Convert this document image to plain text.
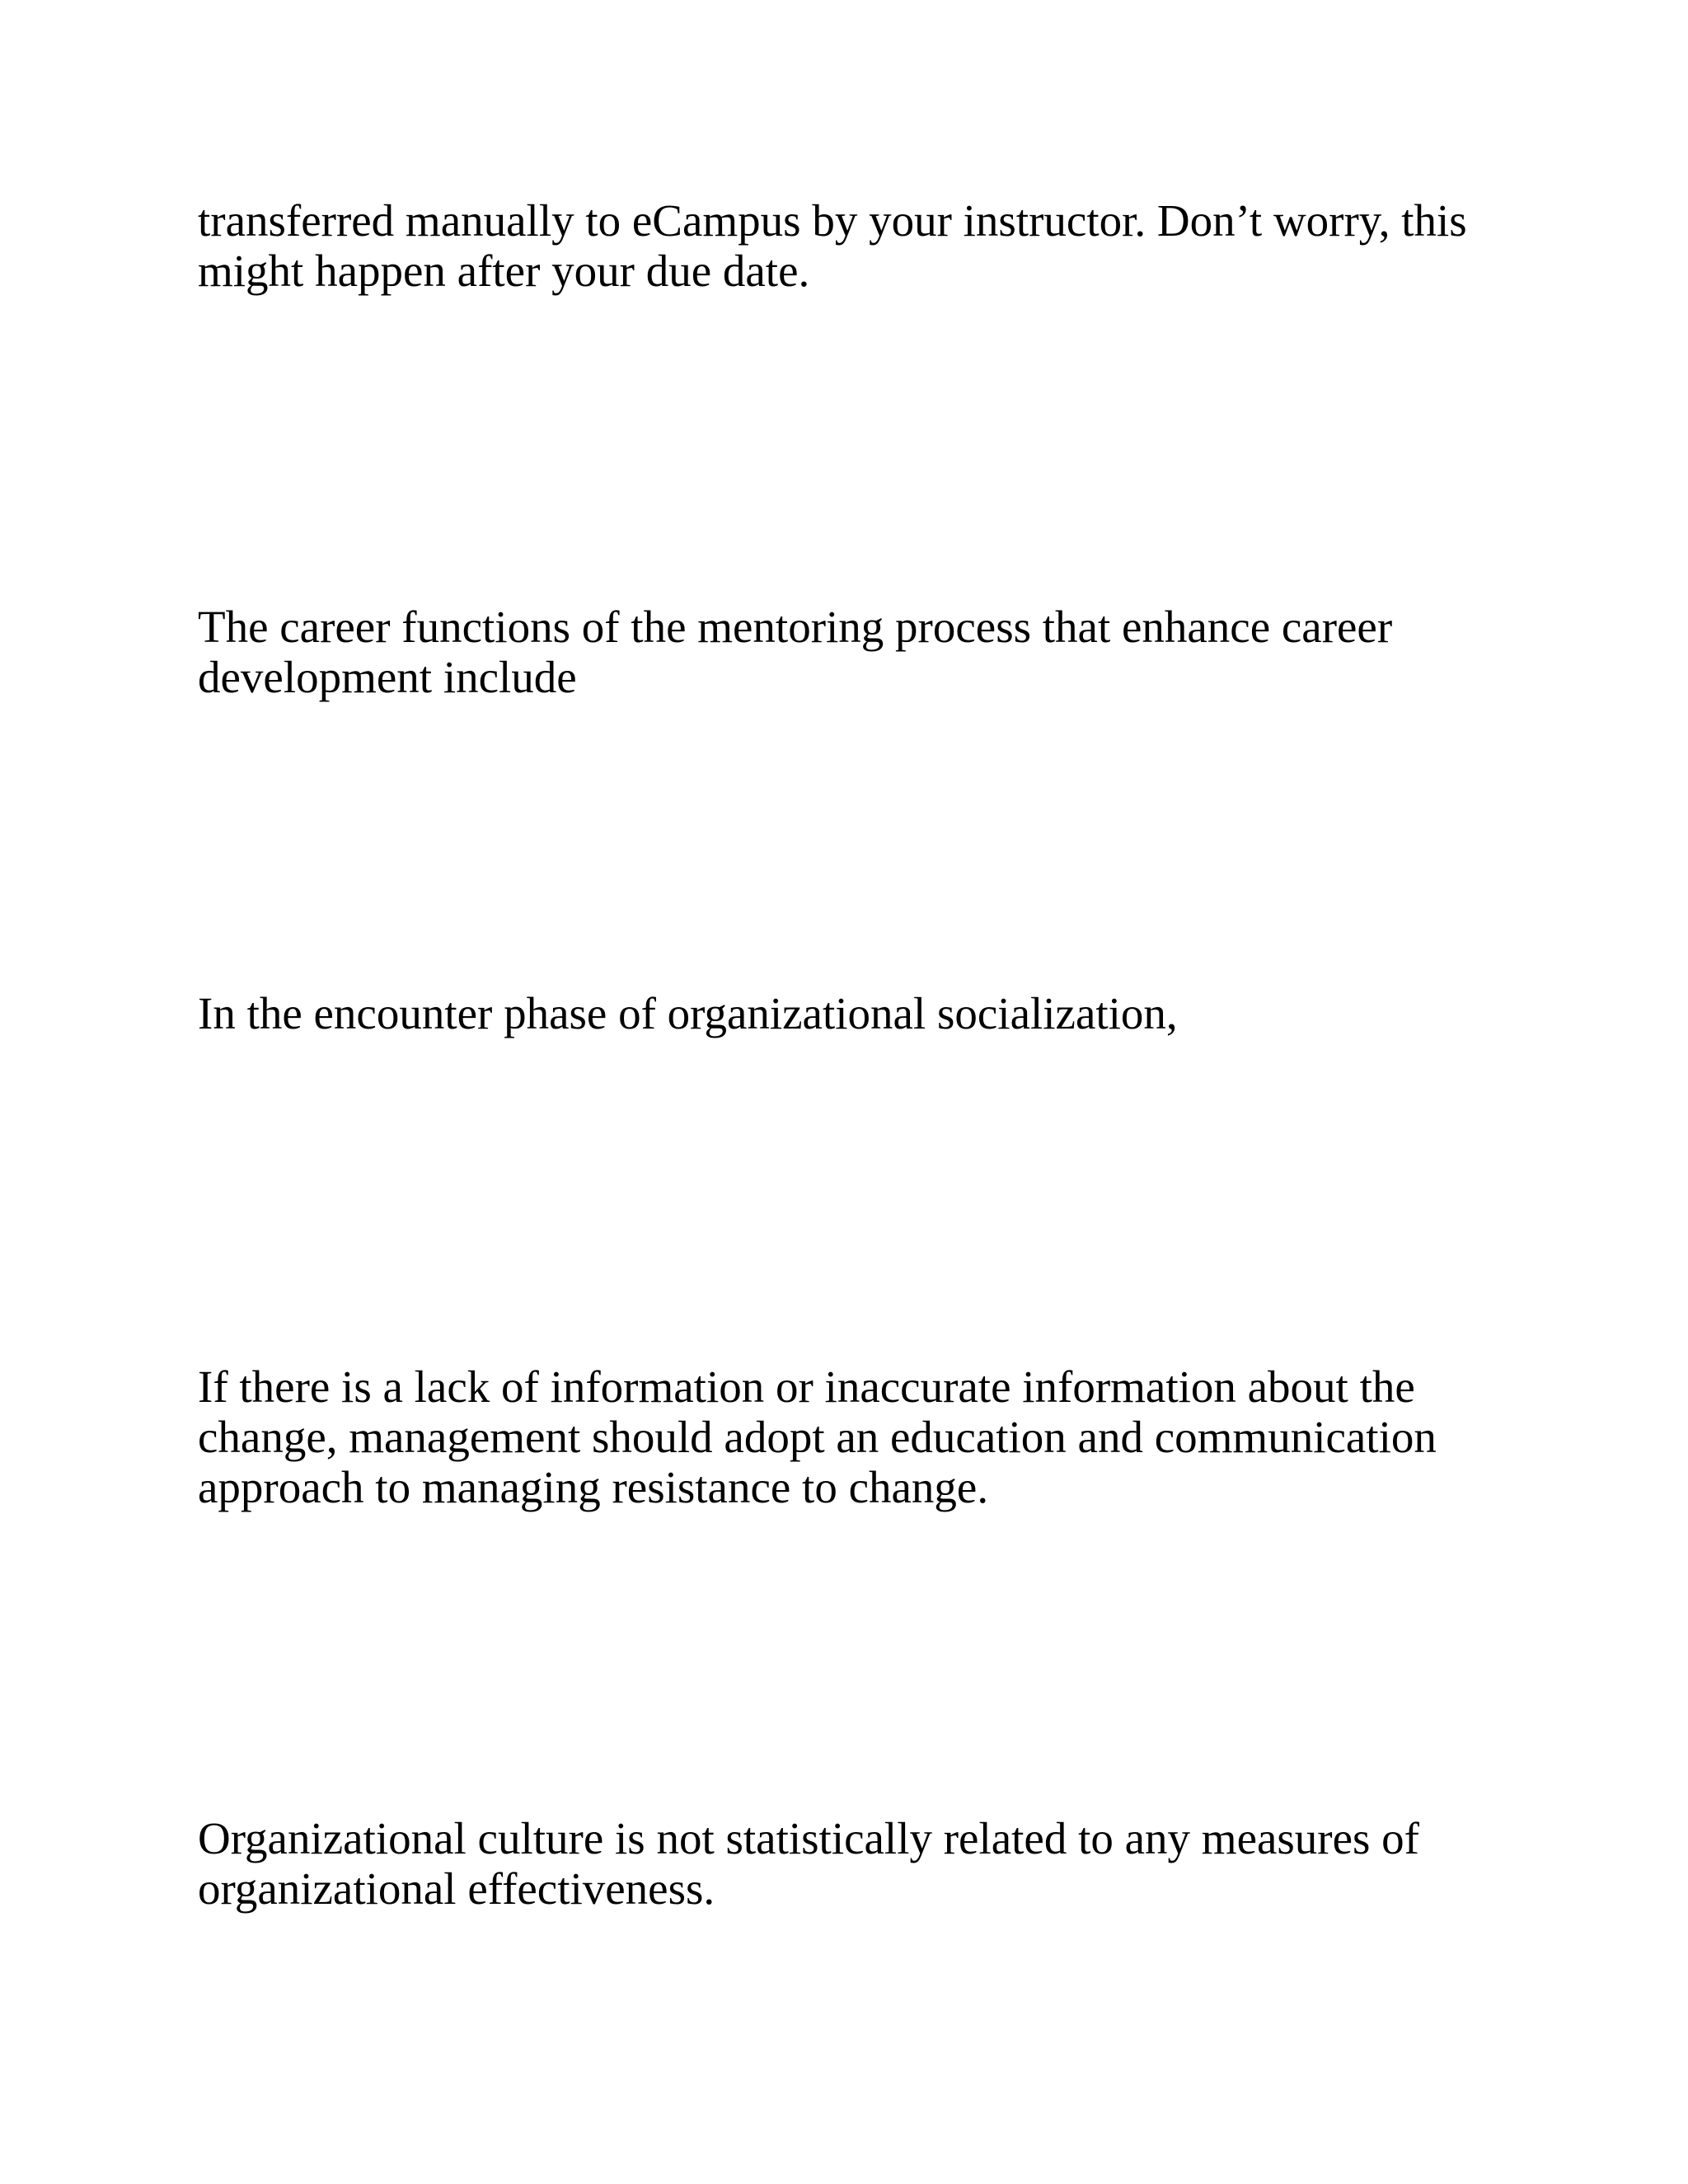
transferred manually to eCampus by your instructor. Don’t worry, this
might happen after your due date.

The career functions of the mentoring process that enhance career
development include

In the encounter phase of organizational socialization,

If there is a lack of information or inaccurate information about the
change, management should adopt an education and communication
approach to managing resistance to change.

Organizational culture is not statistically related to any measures of
organizational effectiveness.
